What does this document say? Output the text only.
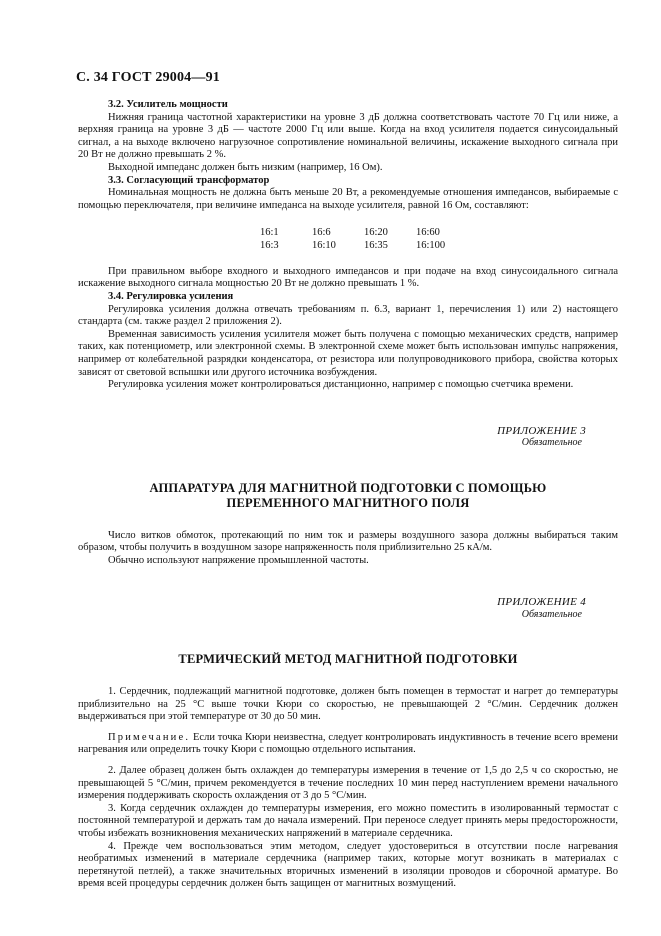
С. 34 ГОСТ 29004—91

3.2. Усилитель мощности

Нижняя граница частотной характеристики на уровне 3 дБ должна соответствовать частоте 70 Гц или ниже, а верхняя граница на уровне 3 дБ — частоте 2000 Гц или выше. Когда на вход усилителя подается синусоидальный сигнал, а на выходе включено нагрузочное сопротивление номинальной величины, искажение выходного сигнала при 20 Вт не должно превышать 2 %.

Выходной импеданс должен быть низким (например, 16 Ом).

3.3. Согласующий трансформатор

Номинальная мощность не должна быть меньше 20 Вт, а рекомендуемые отношения импедансов, выбираемые с помощью переключателя, при величине импеданса на выходе усилителя, равной 16 Ом, составляют:

16:1	16:6	16:20	16:60
16:3	16:10	16:35	16:100

При правильном выборе входного и выходного импедансов и при подаче на вход синусоидального сигнала искажение выходного сигнала мощностью 20 Вт не должно превышать 1 %.

3.4. Регулировка усиления

Регулировка усиления должна отвечать требованиям п. 6.3, вариант 1, перечисления 1) или 2) настоящего стандарта (см. также раздел 2 приложения 2).

Временная зависимость усиления усилителя может быть получена с помощью механических средств, например таких, как потенциометр, или электронной схемы. В электронной схеме может быть использован импульс напряжения, например от колебательной разрядки конденсатора, от резистора или полупроводникового прибора, свойства которых зависят от световой вспышки или другого источника возбуждения.

Регулировка усиления может контролироваться дистанционно, например с помощью счетчика времени.

ПРИЛОЖЕНИЕ 3
Обязательное
АППАРАТУРА ДЛЯ МАГНИТНОЙ ПОДГОТОВКИ С ПОМОЩЬЮ
ПЕРЕМЕННОГО МАГНИТНОГО ПОЛЯ

Число витков обмоток, протекающий по ним ток и размеры воздушного зазора должны выбираться таким образом, чтобы получить в воздушном зазоре напряженность поля приблизительно 25 кА/м.

Обычно используют напряжение промышленной частоты.

ПРИЛОЖЕНИЕ 4
Обязательное
ТЕРМИЧЕСКИЙ МЕТОД МАГНИТНОЙ ПОДГОТОВКИ

1. Сердечник, подлежащий магнитной подготовке, должен быть помещен в термостат и нагрет до температуры приблизительно на 25 °С выше точки Кюри со скоростью, не превышающей 2 °С/мин. Сердечник должен выдерживаться при этой температуре от 30 до 50 мин.

Примечание. Если точка Кюри неизвестна, следует контролировать индуктивность в течение всего времени нагревания или определить точку Кюри с помощью отдельного испытания.

2. Далее образец должен быть охлажден до температуры измерения в течение от 1,5 до 2,5 ч со скоростью, не превышающей 5 °С/мин, причем рекомендуется в течение последних 10 мин перед наступлением времени начального измерения поддерживать скорость охлаждения от 3 до 5 °С/мин.

3. Когда сердечник охлажден до температуры измерения, его можно поместить в изолированный термостат с постоянной температурой и держать там до начала измерений. При переносе следует принять меры предосторожности, чтобы избежать возникновения механических напряжений в материале сердечника.

4. Прежде чем воспользоваться этим методом, следует удостовериться в отсутствии после нагревания необратимых изменений в материале сердечника (например таких, которые могут возникать в материалах с перетянутой петлей), а также значительных вторичных изменений в изоляции проводов и сборочной арматуре. Во время всей процедуры сердечник должен быть защищен от магнитных возмущений.
